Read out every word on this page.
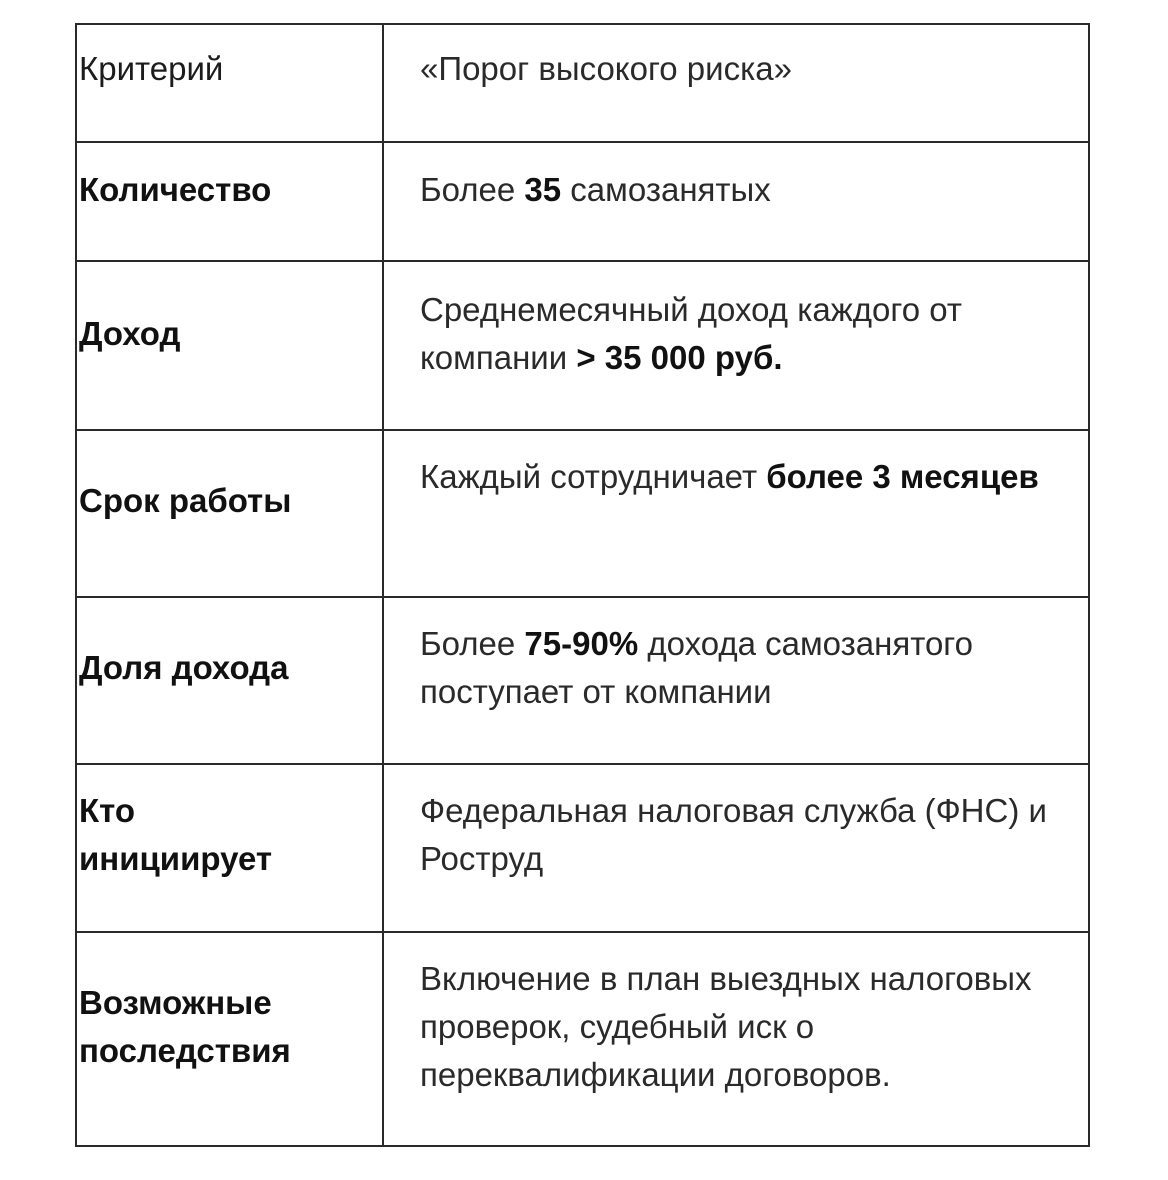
Критерий	«Порог высокого риска»

Количество	Более 35 самозанятых

Доход	Среднемесячный доход каждого от компании > 35 000 руб.

Срок работы	Каждый сотрудничает более 3 месяцев

Доля дохода	Более 75-90% дохода самозанятого поступает от компании

Кто инициирует	Федеральная налоговая служба (ФНС) и Роструд

Возможные последствия	Включение в план выездных налоговых проверок, судебный иск о переквалификации договоров.
